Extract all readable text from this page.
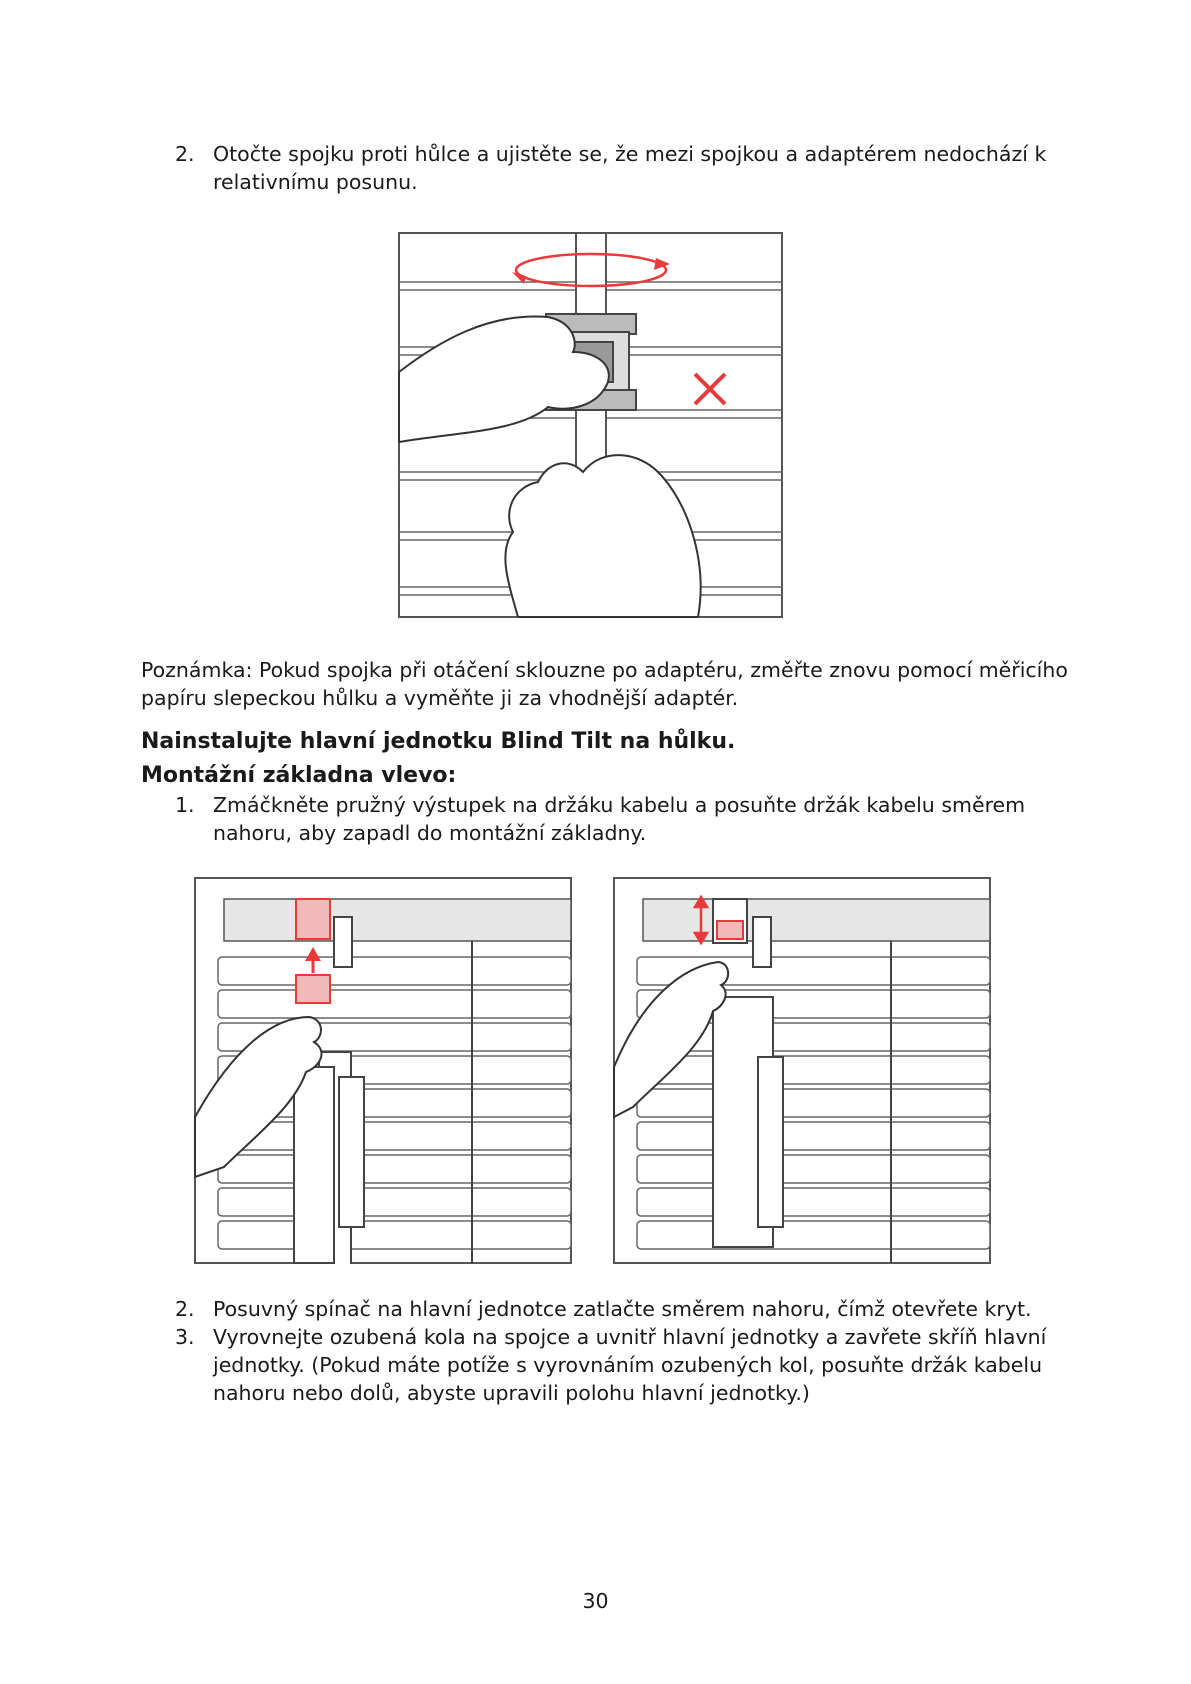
2. Otočte spojku proti hůlce a ujistěte se, že mezi spojkou a adaptérem nedochází k relativnímu posunu.
Poznámka: Pokud spojka při otáčení sklouzne po adaptéru, změřte znovu pomocí měřicího papíru slepeckou hůlku a vyměňte ji za vhodnější adaptér.
Nainstalujte hlavní jednotku Blind Tilt na hůlku.
Montážní základna vlevo:
1. Zmáčkněte pružný výstupek na držáku kabelu a posuňte držák kabelu směrem nahoru, aby zapadl do montážní základny.
2. Posuvný spínač na hlavní jednotce zatlačte směrem nahoru, čímž otevřete kryt.
3. Vyrovnejte ozubená kola na spojce a uvnitř hlavní jednotky a zavřete skříň hlavní jednotky. (Pokud máte potíže s vyrovnáním ozubených kol, posuňte držák kabelu nahoru nebo dolů, abyste upravili polohu hlavní jednotky.)
30
